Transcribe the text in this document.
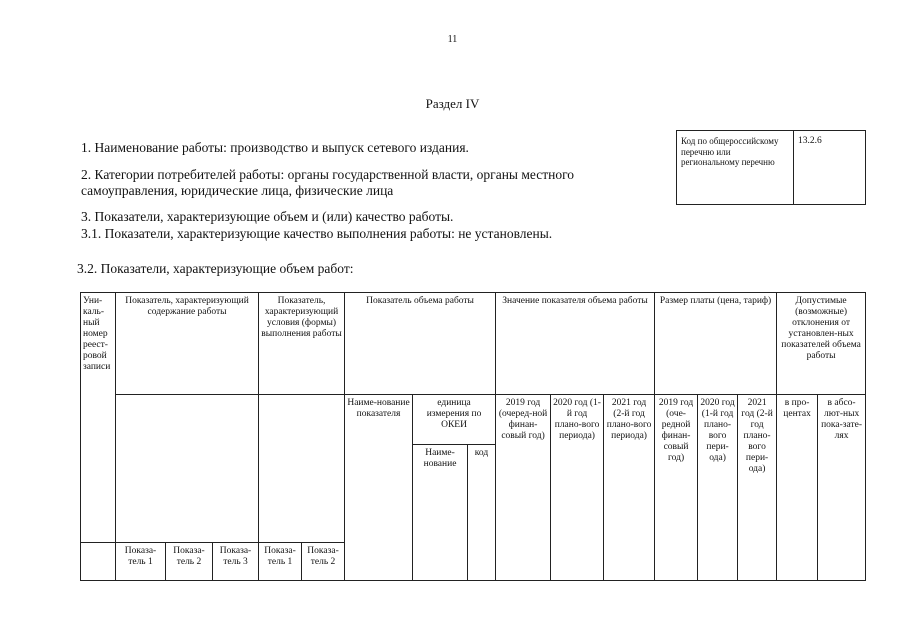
11
Раздел IV
1. Наименование работы: производство и выпуск сетевого издания.
2. Категории потребителей работы: органы государственной власти, органы местного самоуправления, юридические лица, физические лица
3. Показатели, характеризующие объем и (или) качество работы.
3.1. Показатели, характеризующие качество выполнения работы: не установлены.
3.2. Показатели, характеризующие объем работ:
Код по общероссийскому перечню или региональному перечню
13.2.6
Уни-каль-ный номер реест-ровой записи	Показатель, характеризующий содержание работы			Показатель, характеризующий условия (формы) выполнения работы		Показатель объема работы			Значение показателя объема работы			Размер платы (цена, тариф)			Допустимые (возможные) отклонения от установлен-ных показателей объема работы	
						Наиме-нование показателя	единица измерения по ОКЕИ		2019 год (очеред-ной финан-совый год)	2020 год (1-й год плано-вого периода)	2021 год (2-й год плано-вого периода)	2019 год (оче-редной финан-совый год)	2020 год (1-й год плано-вого пери-ода)	2021 год (2-й год плано-вого пери-ода)	в про-центах	в абсо-лют-ных пока-зате-лях
							Наиме-нование	код								
	Показа-тель 1	Показа-тель 2	Показа-тель 3	Показа-тель 1	Показа-тель 2											
